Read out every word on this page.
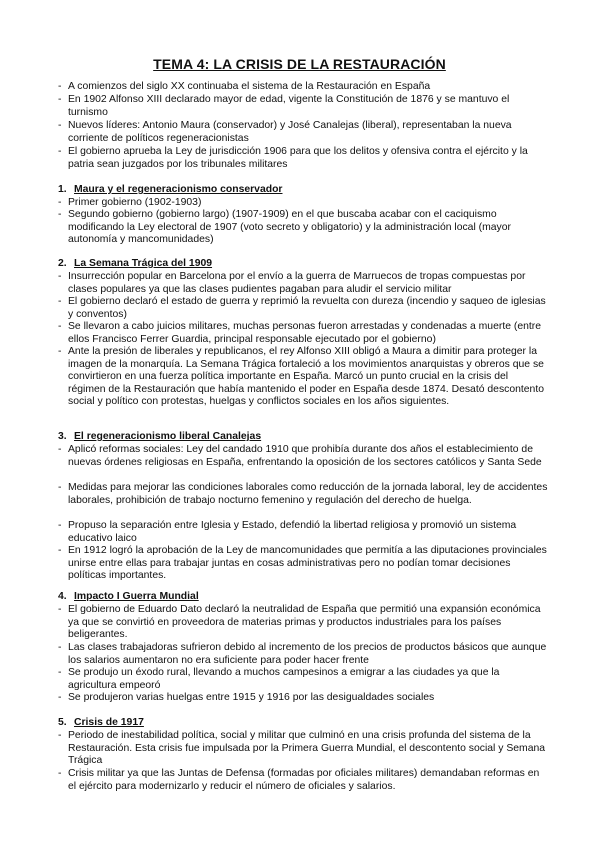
TEMA 4: LA CRISIS DE LA RESTAURACIÓN
- A comienzos del siglo XX continuaba el sistema de la Restauración en España
- En 1902 Alfonso XIII declarado mayor de edad, vigente la Constitución de 1876 y se mantuvo el turnismo
- Nuevos líderes: Antonio Maura (conservador) y José Canalejas (liberal), representaban la nueva corriente de políticos regeneracionistas
- El gobierno aprueba la Ley de jurisdicción 1906 para que los delitos y ofensiva contra el ejército y la patria sean juzgados por los tribunales militares
1. Maura y el regeneracionismo conservador
- Primer gobierno (1902-1903)
- Segundo gobierno (gobierno largo) (1907-1909) en el que buscaba acabar con el caciquismo modificando la Ley electoral de 1907 (voto secreto y obligatorio) y la administración local (mayor autonomía y mancomunidades)
2. La Semana Trágica del 1909
- Insurrección popular en Barcelona por el envío a la guerra de Marruecos de tropas compuestas por clases populares ya que las clases pudientes pagaban para aludir el servicio militar
- El gobierno declaró el estado de guerra y reprimió la revuelta con dureza (incendio y saqueo de iglesias y conventos)
- Se llevaron a cabo juicios militares, muchas personas fueron arrestadas y condenadas a muerte (entre ellos Francisco Ferrer Guardia, principal responsable ejecutado por el gobierno)
- Ante la presión de liberales y republicanos, el rey Alfonso XIII obligó a Maura a dimitir para proteger la imagen de la monarquía. La Semana Trágica fortaleció a los movimientos anarquistas y obreros que se convirtieron en una fuerza política importante en España. Marcó un punto crucial en la crisis del régimen de la Restauración que había mantenido el poder en España desde 1874. Desató descontento social y político con protestas, huelgas y conflictos sociales en los años siguientes.
3. El regeneracionismo liberal Canalejas
- Aplicó reformas sociales: Ley del candado 1910 que prohibía durante dos años el establecimiento de nuevas órdenes religiosas en España, enfrentando la oposición de los sectores católicos y Santa Sede
- Medidas para mejorar las condiciones laborales como reducción de la jornada laboral, ley de accidentes laborales, prohibición de trabajo nocturno femenino y regulación del derecho de huelga.
- Propuso la separación entre Iglesia y Estado, defendió la libertad religiosa y promovió un sistema educativo laico
- En 1912 logró la aprobación de la Ley de mancomunidades que permitía a las diputaciones provinciales unirse entre ellas para trabajar juntas en cosas administrativas pero no podían tomar decisiones políticas importantes.
4. Impacto I Guerra Mundial
- El gobierno de Eduardo Dato declaró la neutralidad de España que permitió una expansión económica ya que se convirtió en proveedora de materias primas y productos industriales para los países beligerantes.
- Las clases trabajadoras sufrieron debido al incremento de los precios de productos básicos que aunque los salarios aumentaron no era suficiente para poder hacer frente
- Se produjo un éxodo rural, llevando a muchos campesinos a emigrar a las ciudades ya que la agricultura empeoró
- Se produjeron varias huelgas entre 1915 y 1916 por las desigualdades sociales
5. Crisis de 1917
- Periodo de inestabilidad política, social y militar que culminó en una crisis profunda del sistema de la Restauración. Esta crisis fue impulsada por la Primera Guerra Mundial, el descontento social y Semana Trágica
- Crisis militar ya que las Juntas de Defensa (formadas por oficiales militares) demandaban reformas en el ejército para modernizarlo y reducir el número de oficiales y salarios.
